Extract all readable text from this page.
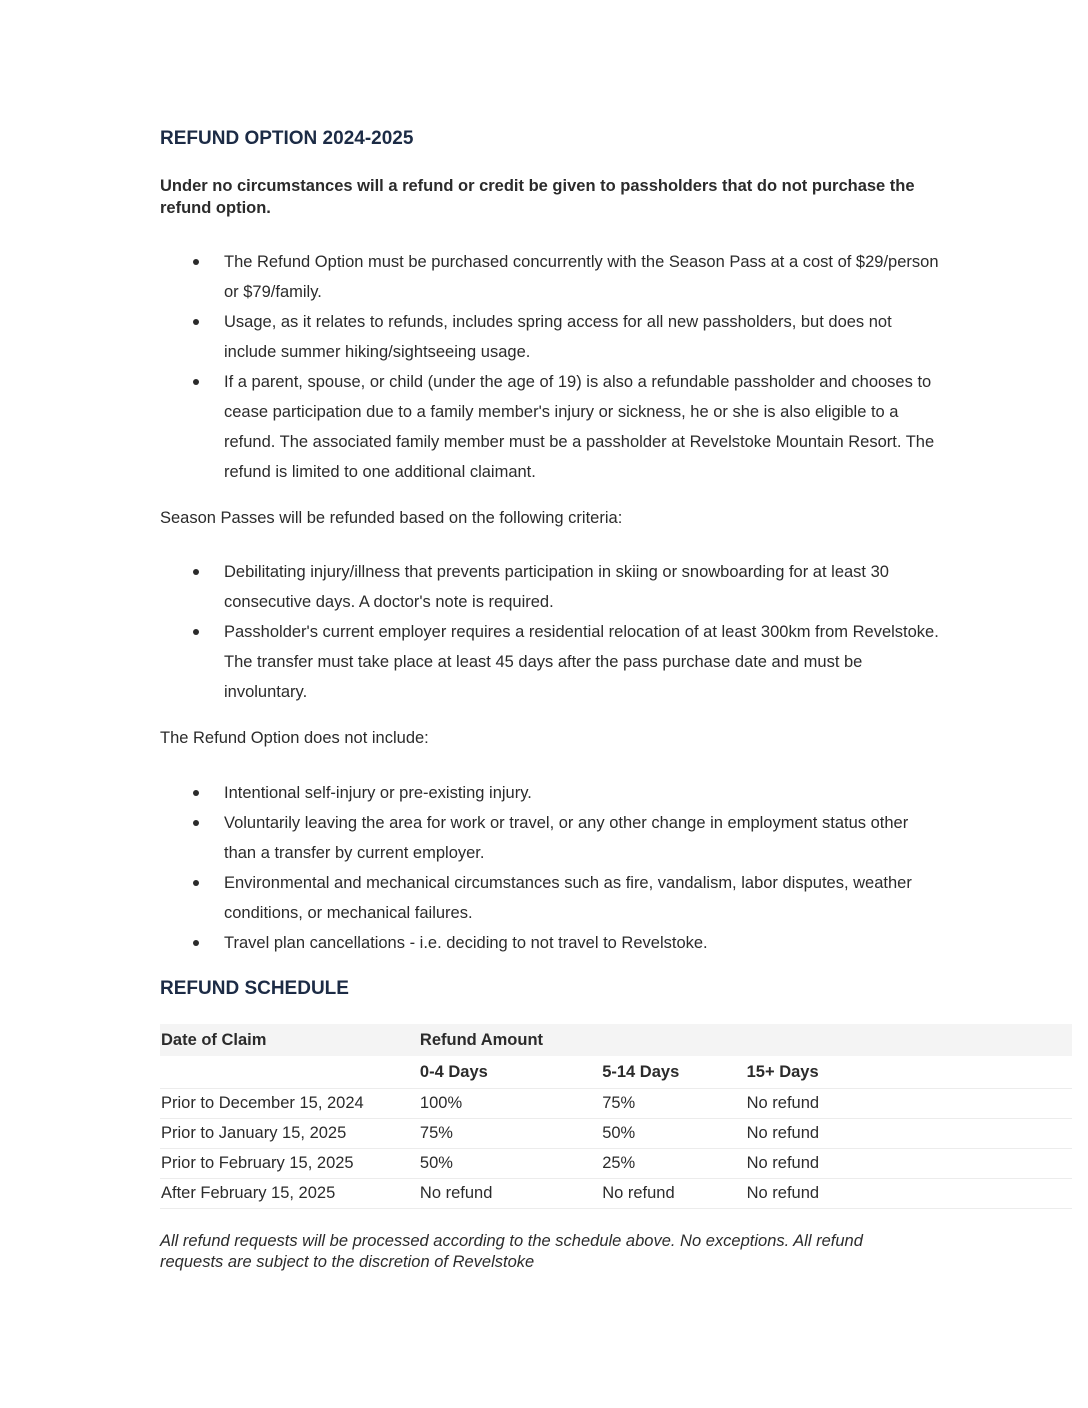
REFUND OPTION 2024-2025

Under no circumstances will a refund or credit be given to passholders that do not purchase the refund option.

The Refund Option must be purchased concurrently with the Season Pass at a cost of $29/person or $79/family.
Usage, as it relates to refunds, includes spring access for all new passholders, but does not include summer hiking/sightseeing usage.
If a parent, spouse, or child (under the age of 19) is also a refundable passholder and chooses to cease participation due to a family member's injury or sickness, he or she is also eligible to a refund. The associated family member must be a passholder at Revelstoke Mountain Resort. The refund is limited to one additional claimant.

Season Passes will be refunded based on the following criteria:

Debilitating injury/illness that prevents participation in skiing or snowboarding for at least 30 consecutive days. A doctor's note is required.
Passholder's current employer requires a residential relocation of at least 300km from Revelstoke. The transfer must take place at least 45 days after the pass purchase date and must be involuntary.

The Refund Option does not include:

Intentional self-injury or pre-existing injury.
Voluntarily leaving the area for work or travel, or any other change in employment status other than a transfer by current employer.
Environmental and mechanical circumstances such as fire, vandalism, labor disputes, weather conditions, or mechanical failures.
Travel plan cancellations - i.e. deciding to not travel to Revelstoke.
REFUND SCHEDULE
Date of Claim	Refund Amount		
	0-4 Days	5-14 Days	15+ Days
Prior to December 15, 2024	100%	75%	No refund
Prior to January 15, 2025	75%	50%	No refund
Prior to February 15, 2025	50%	25%	No refund
After February 15, 2025	No refund	No refund	No refund

All refund requests will be processed according to the schedule above. No exceptions. All refund requests are subject to the discretion of Revelstoke
